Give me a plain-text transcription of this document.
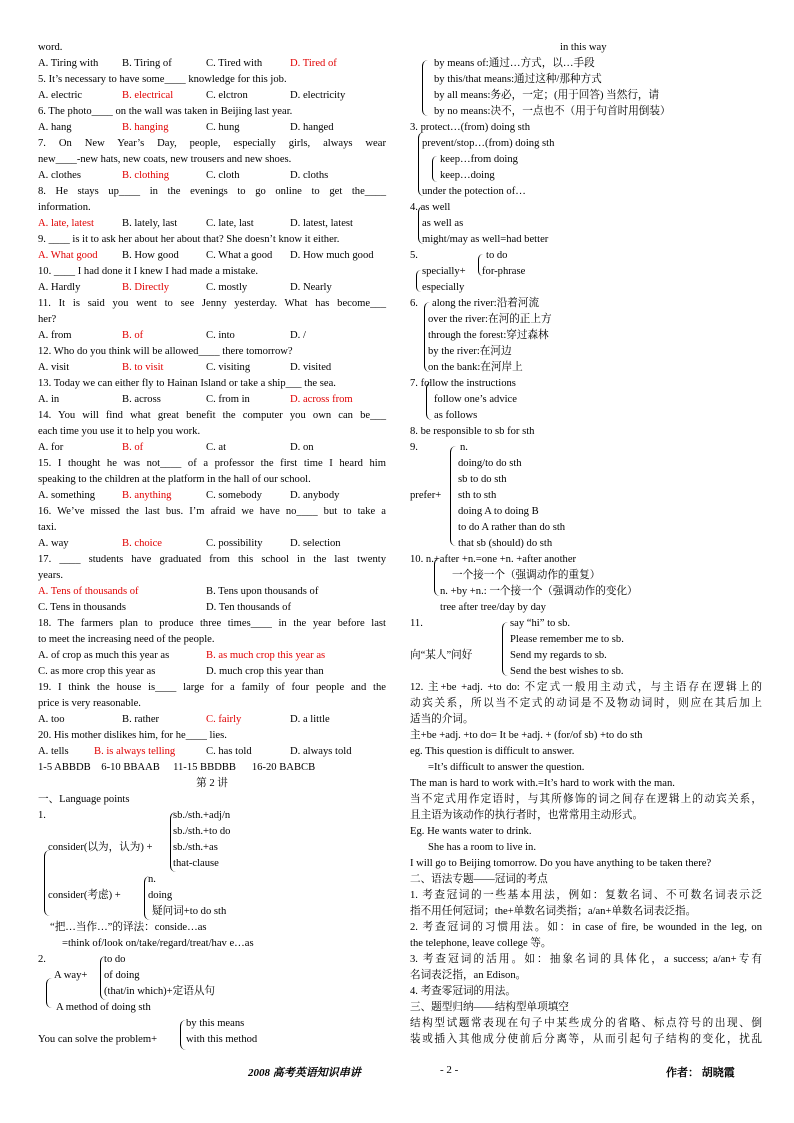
word.
A. Tiring with	B. Tiring of	C. Tired with	D. Tired of
5. It’s necessary to have some____ knowledge for this job.
A. electric	B. electrical	C. elctron	D. electricity
6. The photo____ on the wall was taken in Beijing last year.
A. hang	B. hanging	C. hung	D. hanged
7. On New Year’s Day, people, especially girls, always wear
new____-new hats, new coats, new trousers and new shoes.
A. clothes	B. clothing	C. cloth	D. cloths
8. He stays up____ in the evenings to go online to get the____
information.
A. late, latest	B. lately, last	C. late, last	D. latest, latest
9. ____ is it to ask her about her about that? She doesn’t know it either.
A. What good	B. How good	C. What a good	D. How much good
10. ____ I had done it I knew I had made a mistake.
A. Hardly	B. Directly	C. mostly	D. Nearly
11. It is said you went to see Jenny yesterday. What has become___
her?
A. from	B. of	C. into	D. /
12. Who do you think will be allowed____ there tomorrow?
A. visit	B. to visit	C. visiting	D. visited
13. Today we can either fly to Hainan Island or take a ship___ the sea.
A. in	B. across	C. from in	D. across from
14. You will find what great benefit the computer you own can be___
each time you use it to help you work.
A. for	B. of	C. at	D. on
15. I thought he was not____ of a professor the first time I heard him
speaking to the children at the platform in the hall of our school.
A. something	B. anything	C. somebody	D. anybody
16. We’ve missed the last bus. I’m afraid we have no____ but to take a
taxi.
A. way	B. choice	C. possibility	D. selection
17. ____ students have graduated from this school in the last twenty
years.
A. Tens of thousands of	B. Tens upon thousands of
C. Tens in thousands	D. Ten thousands of
18. The farmers plan to produce three times____ in the year before last
to meet the increasing need of the people.
A. of crop as much this year as	B. as much crop this year as
C. as more crop this year as	D. much crop this year than
19. I think the house is____ large for a family of four people and the
price is very reasonable.
A. too	B. rather	C. fairly	D. a little
20. His mother dislikes him, for he____ lies.
A. tells	B. is always telling	C. has told	D. always told
1-5 ABBDB    6-10 BBAAB     11-15 BBDBB      16-20 BABCB
第 2 讲
一、Language points
1.	sb./sth.+adj/n
sb./sth.+to do
consider(以为，认为) + sb./sth.+as
that-clause
n.
consider(考虑) +	doing
疑问词+to do sth
“把…当作…”的译法：conside…as
=think of/look on/take/regard/treat/hav e…as
2.	to do
A way+ of doing
(that/in which)+定语从句
A method of doing sth
by this means
You can solve the problem+	with this method
in this way
by means of:通过…方式，以…手段
by this/that means:通过这种/那种方式
by all means:务必，一定；(用于回答) 当然行，请
by no means:决不，一点也不（用于句首时用倒装）
3. protect…(from) doing sth
prevent/stop…(from) doing sth
keep…from doing
keep…doing
under the potection of…
4. as well
as well as
might/may as well=had better
5.	to do
specially+ for-phrase
especially
6. along the river:沿着河流
over the river:在河的正上方
through the forest:穿过森林
by the river:在河边
on the bank:在河岸上
7. follow the instructions
follow one’s advice
as follows
8. be responsible to sb for sth
9.	n.
doing/to do sth
sb to do sth
prefer+ sth to sth
doing A to doing B
to do A rather than do sth
that sb (should) do sth
10. n.+after +n.=one +n. +after another
一个接一个（强调动作的重复）
n. +by +n.: 一个接一个（强调动作的变化）
tree after tree/day by day
11.	say “hi” to sb.
Please remember me to sb.
向“某人”问好	Send my regards to sb.
Send the best wishes to sb.
12. 主+be +adj. +to do: 不定式一般用主动式，与主语存在逻辑上的
动宾关系，所以当不定式的动词是不及物动词时，则应在其后加上
适当的介词。
主+be +adj. +to do= It be +adj. + (for/of sb) +to do sth
eg. This question is difficult to answer.
=It’s difficult to answer the question.
The man is hard to work with.=It’s hard to work with the man.
当不定式用作定语时，与其所修饰的词之间存在逻辑上的动宾关系，
且主语为该动作的执行者时，也常常用主动形式。
Eg. He wants water to drink.
She has a room to live in.
I will go to Beijing tomorrow. Do you have anything to be taken there?
二、语法专题——冠词的考点
1. 考查冠词的一些基本用法，例如：复数名词、不可数名词表示泛
指不用任何冠词；the+单数名词类指；a/an+单数名词表泛指。
2. 考查冠词的习惯用法。如：in case of fire, be wounded in the leg, on
the telephone, leave college 等。
3. 考查冠词的活用。如：抽象名词的具体化，a success; a/an+专有
名词表泛指，an Edison。
4. 考查零冠词的用法。
三、题型归纳——结构型单项填空
结构型试题常表现在句子中某些成分的省略、标点符号的出现、倒
装或插入其他成分使前后分离等，从而引起句子结构的变化，扰乱
2008 高考英语知识串讲	- 2 -	作者： 胡晓霞
